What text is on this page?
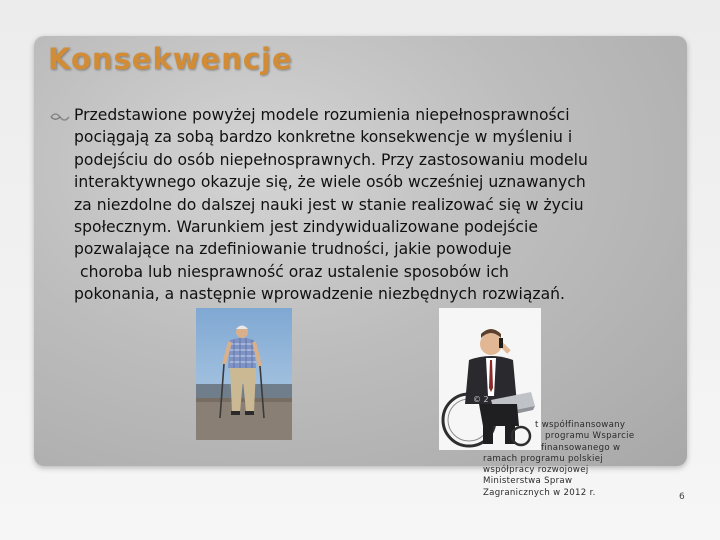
Konsekwencje
Przedstawione powyżej modele rozumienia niepełnosprawności
pociągają za sobą bardzo konkretne konsekwencje w myśleniu i
podejściu do osób niepełnosprawnych. Przy zastosowaniu modelu
interaktywnego okazuje się, że wiele osób wcześniej uznawanych
za niezdolne do dalszej nauki jest w stanie realizować się w życiu
społecznym. Warunkiem jest zindywidualizowane podejście
pozwalające na zdefiniowanie trudności, jakie powoduje
choroba lub niesprawność oraz ustalenie sposobów ich
pokonania, a następnie wprowadzenie niezbędnych rozwiązań.
© 2
t współfinansowany
programu Wsparcie
finansowanego w
ramach programu polskiej
współpracy rozwojowej
Ministerstwa Spraw
Zagranicznych w 2012 r.	6
